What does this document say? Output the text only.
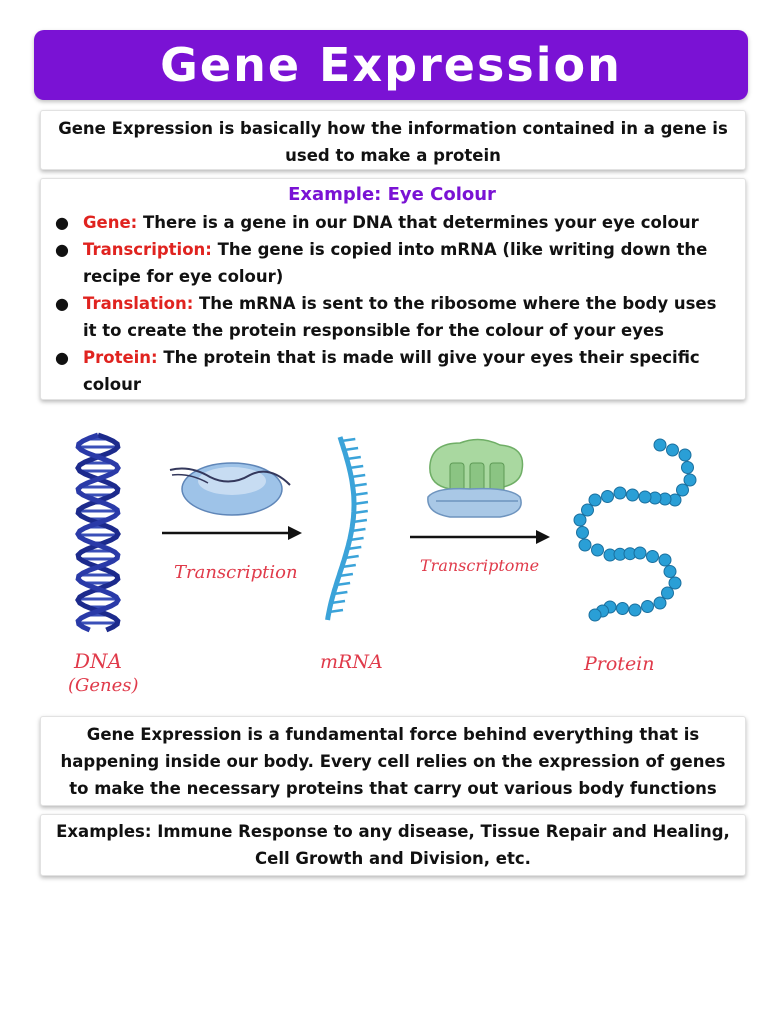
Gene Expression
Gene Expression is basically how the information contained in a gene is used to make a protein

Example: Eye Colour

● Gene: There is a gene in our DNA that determines your eye colour
● Transcription: The gene is copied into mRNA (like writing down the recipe for eye colour)
● Translation: The mRNA is sent to the ribosome where the body uses it to create the protein responsible for the colour of your eyes
● Protein: The protein that is made will give your eyes their specific colour
Transcription
mRNA
Transcriptome
Protein
DNA
(Genes)
Gene Expression is a fundamental force behind everything that is happening inside our body. Every cell relies on the expression of genes to make the necessary proteins that carry out various body functions
Examples: Immune Response to any disease, Tissue Repair and Healing, Cell Growth and Division, etc.
